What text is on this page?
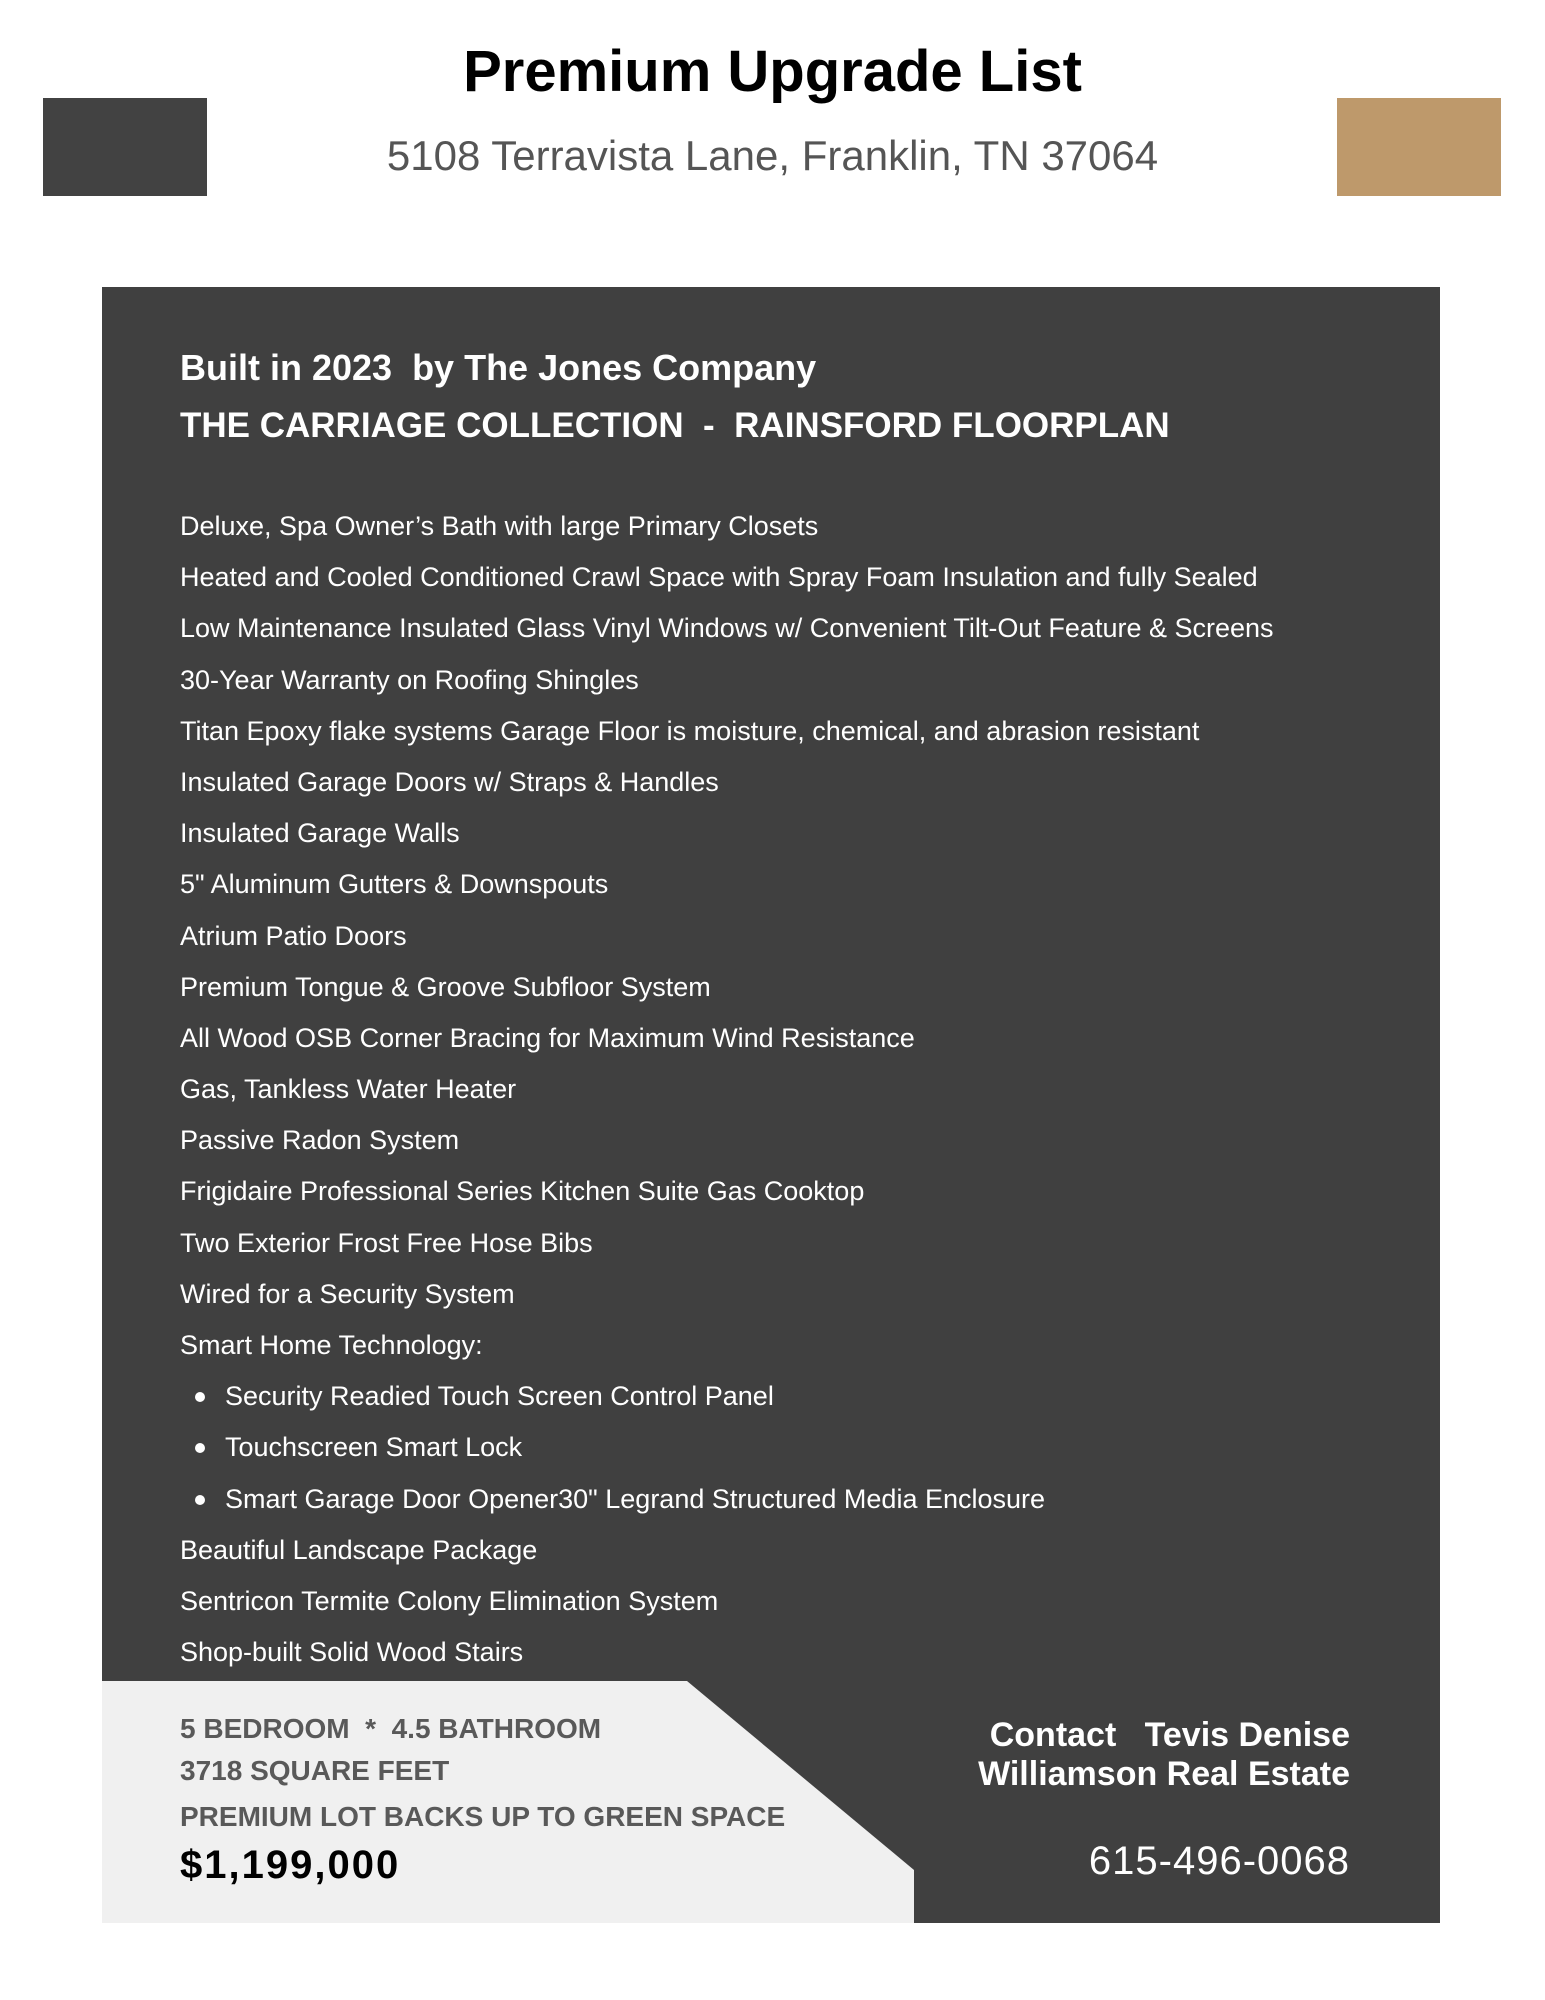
Premium Upgrade List
5108 Terravista Lane, Franklin, TN 37064
Built in 2023  by The Jones Company
THE CARRIAGE COLLECTION  -  RAINSFORD FLOORPLAN
Deluxe, Spa Owner’s Bath with large Primary Closets
Heated and Cooled Conditioned Crawl Space with Spray Foam Insulation and fully Sealed
Low Maintenance Insulated Glass Vinyl Windows w/ Convenient Tilt-Out Feature & Screens
30-Year Warranty on Roofing Shingles
Titan Epoxy flake systems Garage Floor is moisture, chemical, and abrasion resistant
Insulated Garage Doors w/ Straps & Handles
Insulated Garage Walls
5" Aluminum Gutters & Downspouts
Atrium Patio Doors
Premium Tongue & Groove Subfloor System
All Wood OSB Corner Bracing for Maximum Wind Resistance
Gas, Tankless Water Heater
Passive Radon System
Frigidaire Professional Series Kitchen Suite Gas Cooktop
Two Exterior Frost Free Hose Bibs
Wired for a Security System
Smart Home Technology:
Security Readied Touch Screen Control Panel
Touchscreen Smart Lock
Smart Garage Door Opener30" Legrand Structured Media Enclosure
Beautiful Landscape Package
Sentricon Termite Colony Elimination System
Shop-built Solid Wood Stairs
5 BEDROOM  *  4.5 BATHROOM
3718 SQUARE FEET
PREMIUM LOT BACKS UP TO GREEN SPACE
$1,199,000
Contact   Tevis Denise
Williamson Real Estate
615-496-0068
